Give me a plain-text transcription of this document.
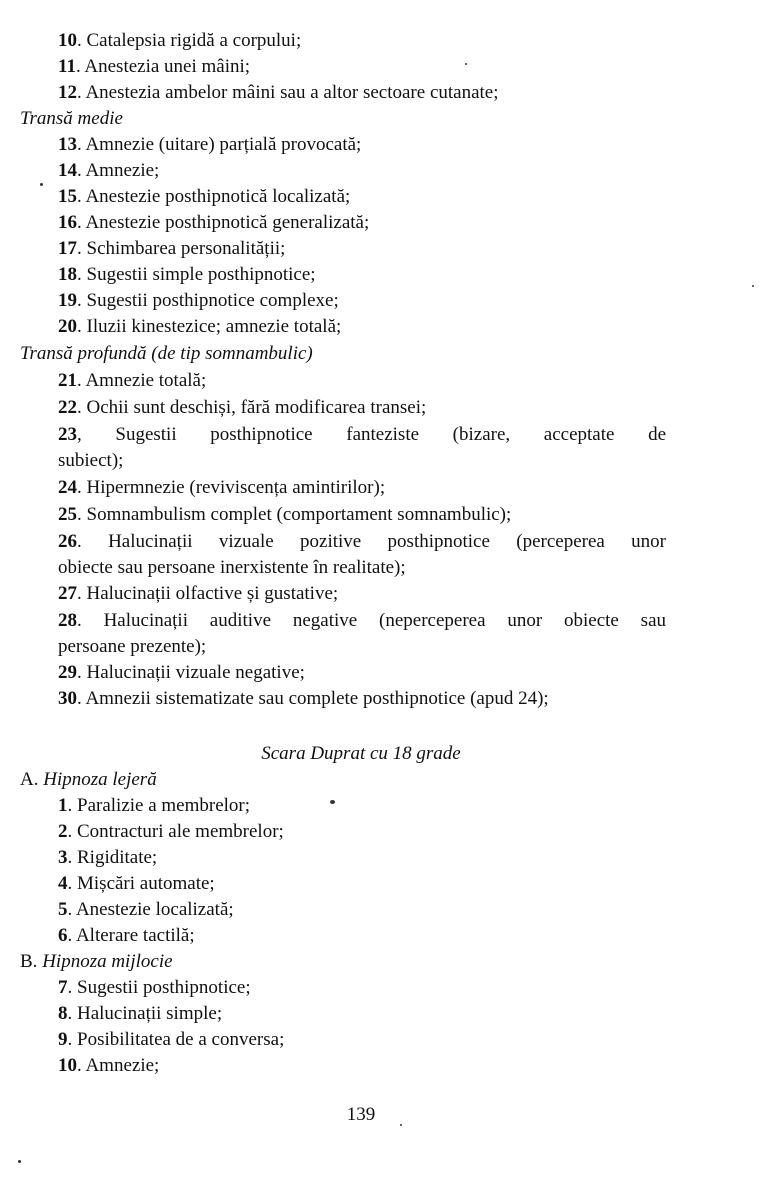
10. Catalepsia rigidă a corpului;
11. Anestezia unei mâini;
12. Anestezia ambelor mâini sau a altor sectoare cutanate;
Transă medie
13. Amnezie (uitare) parțială provocată;
14. Amnezie;
15. Anestezie posthipnotică localizată;
16. Anestezie posthipnotică generalizată;
17. Schimbarea personalității;
18. Sugestii simple posthipnotice;
19. Sugestii posthipnotice complexe;
20. Iluzii kinestezice; amnezie totală;
Transă profundă (de tip somnambulic)
21. Amnezie totală;
22. Ochii sunt deschiși, fără modificarea transei;
23, Sugestii posthipnotice fanteziste (bizare, acceptate de
subiect);
24. Hipermnezie (reviviscența amintirilor);
25. Somnambulism complet (comportament somnambulic);
26. Halucinații vizuale pozitive posthipnotice (perceperea unor
obiecte sau persoane inerxistente în realitate);
27. Halucinații olfactive și gustative;
28. Halucinații auditive negative (neperceperea unor obiecte sau
persoane prezente);
29. Halucinații vizuale negative;
30. Amnezii sistematizate sau complete posthipnotice (apud 24);
Scara Duprat cu 18 grade
A. Hipnoza lejeră
1. Paralizie a membrelor;
2. Contracturi ale membrelor;
3. Rigiditate;
4. Mișcări automate;
5. Anestezie localizată;
6. Alterare tactilă;
B. Hipnoza mijlocie
7. Sugestii posthipnotice;
8. Halucinații simple;
9. Posibilitatea de a conversa;
10. Amnezie;
139
